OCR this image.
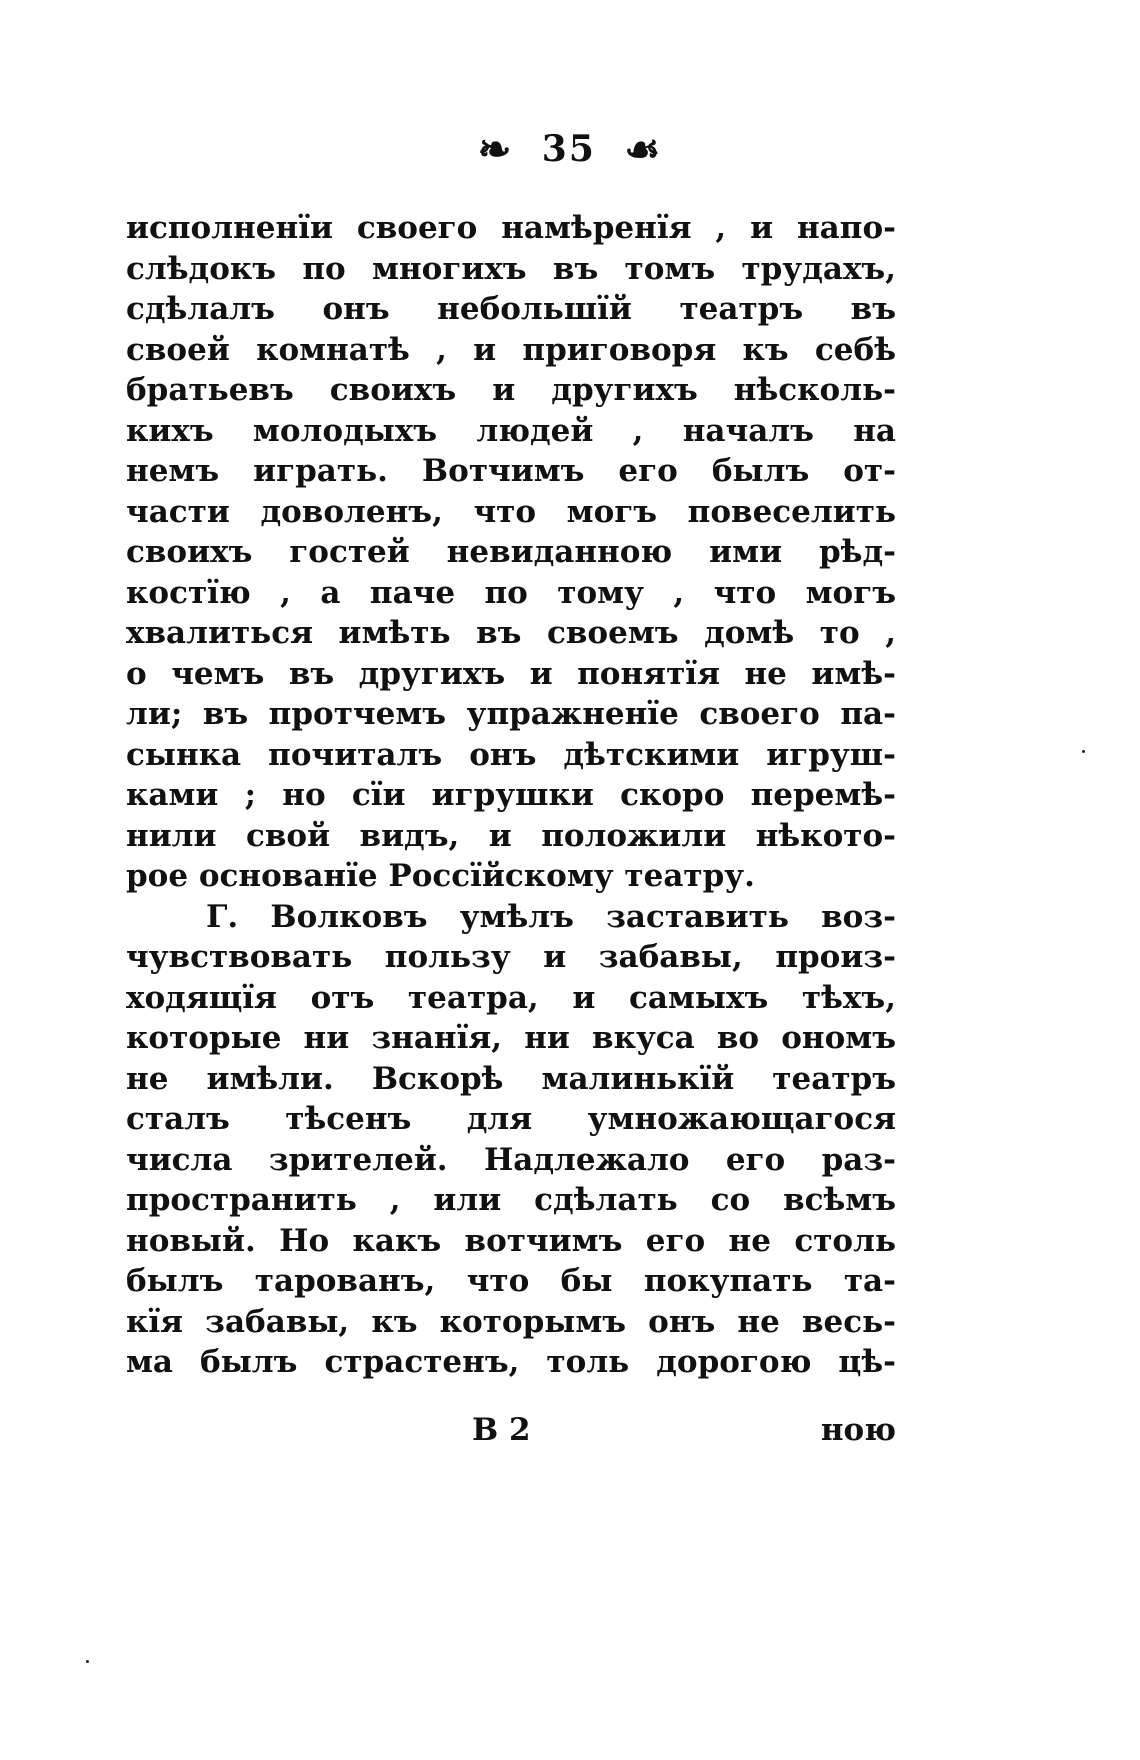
❧ 35 ☙
исполненїи своего намѣренїя , и напо-
слѣдокъ по многихъ въ томъ трудахъ,
сдѣлалъ онъ небольшїй театръ въ
своей комнатѣ , и приговоря къ себѣ
братьевъ своихъ и другихъ нѣсколь-
кихъ молодыхъ людей , началъ на
немъ играть. Вотчимъ его былъ от-
части доволенъ, что могъ повеселить
своихъ гостей невиданною ими рѣд-
костїю , а паче по тому , что могъ
хвалиться имѣть въ своемъ домѣ то ,
о чемъ въ другихъ и понятїя не имѣ-
ли; въ протчемъ упражненїе своего па-
сынка почиталъ онъ дѣтскими игруш-
ками ; но сїи игрушки скоро перемѣ-
нили свой видъ, и положили нѣкото-
рое основанїе Россїйскому театру.
Г. Волковъ умѣлъ заставить воз-
чувствовать пользу и забавы, произ-
ходящїя отъ театра, и самыхъ тѣхъ,
которые ни знанїя, ни вкуса во ономъ
не имѣли. Вскорѣ малинькїй театръ
сталъ тѣсенъ для умножающагося
числа зрителей. Надлежало его раз-
пространить , или сдѣлать со всѣмъ
новый. Но какъ вотчимъ его не столь
былъ тарованъ, что бы покупать та-
кїя забавы, къ которымъ онъ не весь-
ма былъ страстенъ, толь дорогою цѣ-
В 2	ною
